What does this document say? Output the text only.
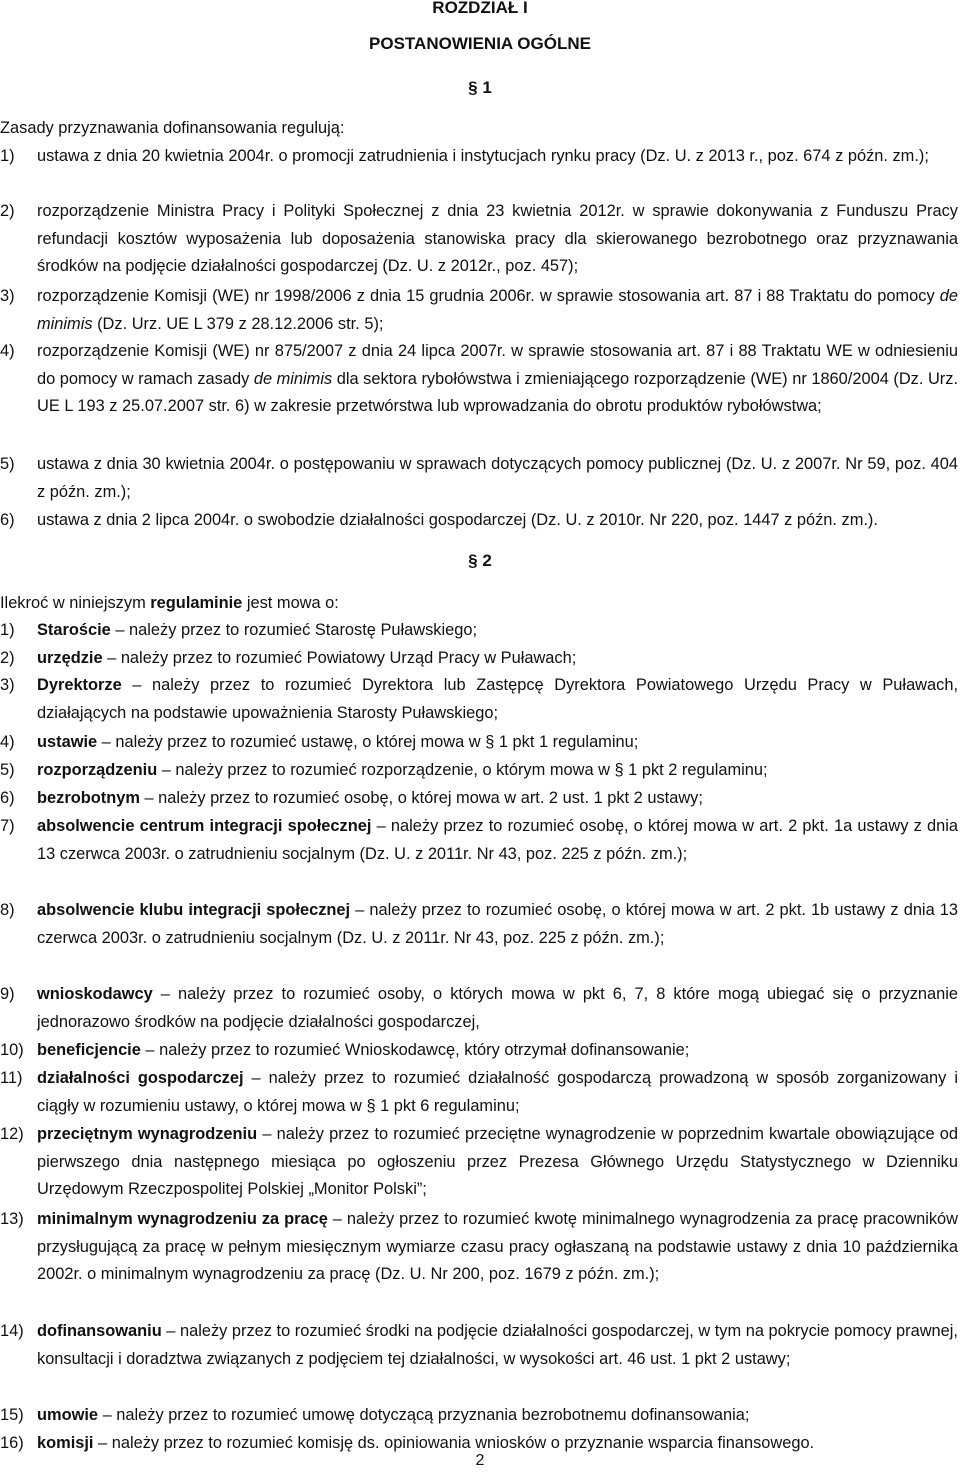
ROZDZIAŁ I
POSTANOWIENIA OGÓLNE
§ 1
Zasady przyznawania dofinansowania regulują:
1)	ustawa z dnia 20 kwietnia 2004r. o promocji zatrudnienia i instytucjach rynku pracy (Dz. U. z 2013 r., poz. 674 z późn. zm.);
2)	rozporządzenie Ministra Pracy i Polityki Społecznej z dnia 23 kwietnia 2012r. w sprawie dokonywania z Funduszu Pracy refundacji kosztów wyposażenia lub doposażenia stanowiska pracy dla skierowanego bezrobotnego oraz przyznawania środków na podjęcie działalności gospodarczej (Dz. U. z 2012r., poz. 457);
3)	rozporządzenie Komisji (WE) nr 1998/2006 z dnia 15 grudnia 2006r. w sprawie stosowania art. 87 i 88 Traktatu do pomocy de minimis (Dz. Urz. UE L 379 z 28.12.2006 str. 5);
4)	rozporządzenie Komisji (WE) nr 875/2007 z dnia 24 lipca 2007r. w sprawie stosowania art. 87 i 88 Traktatu WE w odniesieniu do pomocy w ramach zasady de minimis dla sektora rybołówstwa i zmieniającego rozporządzenie (WE) nr 1860/2004 (Dz. Urz. UE L 193 z 25.07.2007 str. 6) w zakresie przetwórstwa lub wprowadzania do obrotu produktów rybołówstwa;
5)	ustawa z dnia 30 kwietnia 2004r. o postępowaniu w sprawach dotyczących pomocy publicznej (Dz. U. z 2007r. Nr 59, poz. 404 z późn. zm.);
6)	ustawa z dnia 2 lipca 2004r. o swobodzie działalności gospodarczej (Dz. U. z 2010r. Nr 220, poz. 1447 z późn. zm.).
§ 2
Ilekroć w niniejszym regulaminie jest mowa o:
1)	Staroście – należy przez to rozumieć Starostę Puławskiego;
2)	urzędzie – należy przez to rozumieć Powiatowy Urząd Pracy w Puławach;
3)	Dyrektorze – należy przez to rozumieć Dyrektora lub Zastępcę Dyrektora Powiatowego Urzędu Pracy w Puławach, działających na podstawie upoważnienia Starosty Puławskiego;
4)	ustawie – należy przez to rozumieć ustawę, o której mowa w § 1 pkt 1 regulaminu;
5)	rozporządzeniu – należy przez to rozumieć rozporządzenie, o którym mowa w § 1 pkt 2 regulaminu;
6)	bezrobotnym – należy przez to rozumieć osobę, o której mowa w art. 2 ust. 1 pkt 2 ustawy;
7)	absolwencie centrum integracji społecznej – należy przez to rozumieć osobę, o której mowa w art. 2 pkt. 1a ustawy z dnia 13 czerwca 2003r. o zatrudnieniu socjalnym (Dz. U. z 2011r. Nr 43, poz. 225 z późn. zm.);
8)	absolwencie klubu integracji społecznej – należy przez to rozumieć osobę, o której mowa w art. 2 pkt. 1b ustawy z dnia 13 czerwca 2003r. o zatrudnieniu socjalnym (Dz. U. z 2011r. Nr 43, poz. 225 z późn. zm.);
9)	wnioskodawcy – należy przez to rozumieć osoby, o których mowa w pkt 6, 7, 8 które mogą ubiegać się o przyznanie jednorazowo środków na podjęcie działalności gospodarczej,
10) beneficjencie – należy przez to rozumieć Wnioskodawcę, który otrzymał dofinansowanie;
11) działalności gospodarczej – należy przez to rozumieć działalność gospodarczą prowadzoną w sposób zorganizowany i ciągły w rozumieniu ustawy, o której mowa w § 1 pkt 6 regulaminu;
12) przeciętnym wynagrodzeniu – należy przez to rozumieć przeciętne wynagrodzenie w poprzednim kwartale obowiązujące od pierwszego dnia następnego miesiąca po ogłoszeniu przez Prezesa Głównego Urzędu Statystycznego w Dzienniku Urzędowym Rzeczpospolitej Polskiej „Monitor Polski”;
13) minimalnym wynagrodzeniu za pracę – należy przez to rozumieć kwotę minimalnego wynagrodzenia za pracę pracowników przysługującą za pracę w pełnym miesięcznym wymiarze czasu pracy ogłaszaną na podstawie ustawy z dnia 10 października 2002r. o minimalnym wynagrodzeniu za pracę (Dz. U. Nr 200, poz. 1679 z późn. zm.);
14) dofinansowaniu – należy przez to rozumieć środki na podjęcie działalności gospodarczej, w tym na pokrycie pomocy prawnej, konsultacji i doradztwa związanych z podjęciem tej działalności, w wysokości art. 46 ust. 1 pkt 2 ustawy;
15) umowie – należy przez to rozumieć umowę dotyczącą przyznania bezrobotnemu dofinansowania;
16) komisji – należy przez to rozumieć komisję ds. opiniowania wniosków o przyznanie wsparcia finansowego.
2
